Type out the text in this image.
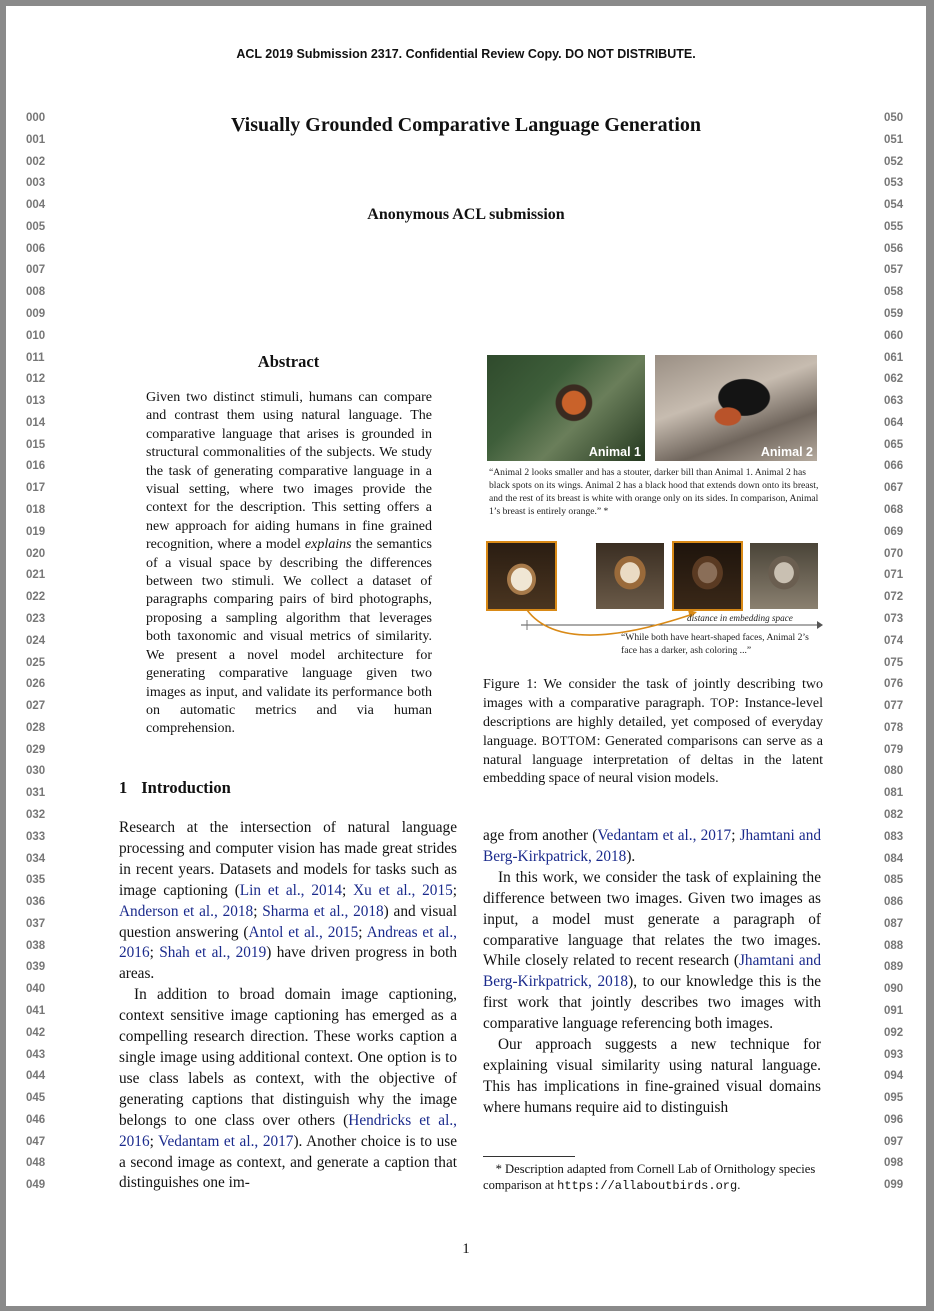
ACL 2019 Submission 2317. Confidential Review Copy. DO NOT DISTRIBUTE.
000
001
002
003
004
005
006
007
008
009
010
011
012
013
014
015
016
017
018
019
020
021
022
023
024
025
026
027
028
029
030
031
032
033
034
035
036
037
038
039
040
041
042
043
044
045
046
047
048
049
050
051
052
053
054
055
056
057
058
059
060
061
062
063
064
065
066
067
068
069
070
071
072
073
074
075
076
077
078
079
080
081
082
083
084
085
086
087
088
089
090
091
092
093
094
095
096
097
098
099
Visually Grounded Comparative Language Generation
Anonymous ACL submission
Abstract
Given two distinct stimuli, humans can compare and contrast them using natural language. The comparative language that arises is grounded in structural commonalities of the subjects. We study the task of generating comparative language in a visual setting, where two images provide the context for the description. This setting offers a new approach for aiding humans in fine grained recognition, where a model explains the semantics of a visual space by describing the differences between two stimuli. We collect a dataset of paragraphs comparing pairs of bird photographs, proposing a sampling algorithm that leverages both taxonomic and visual metrics of similarity. We present a novel model architecture for generating comparative language given two images as input, and validate its performance both on automatic metrics and via human comprehension.
1 Introduction

Research at the intersection of natural language processing and computer vision has made great strides in recent years. Datasets and models for tasks such as image captioning (Lin et al., 2014; Xu et al., 2015; Anderson et al., 2018; Sharma et al., 2018) and visual question answering (Antol et al., 2015; Andreas et al., 2016; Shah et al., 2019) have driven progress in both areas.

In addition to broad domain image captioning, context sensitive image captioning has emerged as a compelling research direction. These works caption a single image using additional context. One option is to use class labels as context, with the objective of generating captions that distinguish why the image belongs to one class over others (Hendricks et al., 2016; Vedantam et al., 2017). Another choice is to use a second image as context, and generate a caption that distinguishes one im-

age from another (Vedantam et al., 2017; Jhamtani and Berg-Kirkpatrick, 2018).

In this work, we consider the task of explaining the difference between two images. Given two images as input, a model must generate a paragraph of comparative language that relates the two images. While closely related to recent research (Jhamtani and Berg-Kirkpatrick, 2018), to our knowledge this is the first work that jointly describes two images with comparative language referencing both images.

Our approach suggests a new technique for explaining visual similarity using natural language. This has implications in fine-grained visual domains where humans require aid to distinguish

Animal 1	Animal 2
“Animal 2 looks smaller and has a stouter, darker bill than Animal 1. Animal 2 has black spots on its wings. Animal 2 has a black hood that extends down onto its breast, and the rest of its breast is white with orange only on its sides. In comparison, Animal 1’s breast is entirely orange.” *
distance in embedding space
“While both have heart-shaped faces, Animal 2’s face has a darker, ash coloring ...”
Figure 1: We consider the task of jointly describing two images with a comparative paragraph. TOP: Instance-level descriptions are highly detailed, yet composed of everyday language. BOTTOM: Generated comparisons can serve as a natural language interpretation of deltas in the latent embedding space of neural vision models.
* Description adapted from Cornell Lab of Ornithology species comparison at https://allaboutbirds.org.
1
